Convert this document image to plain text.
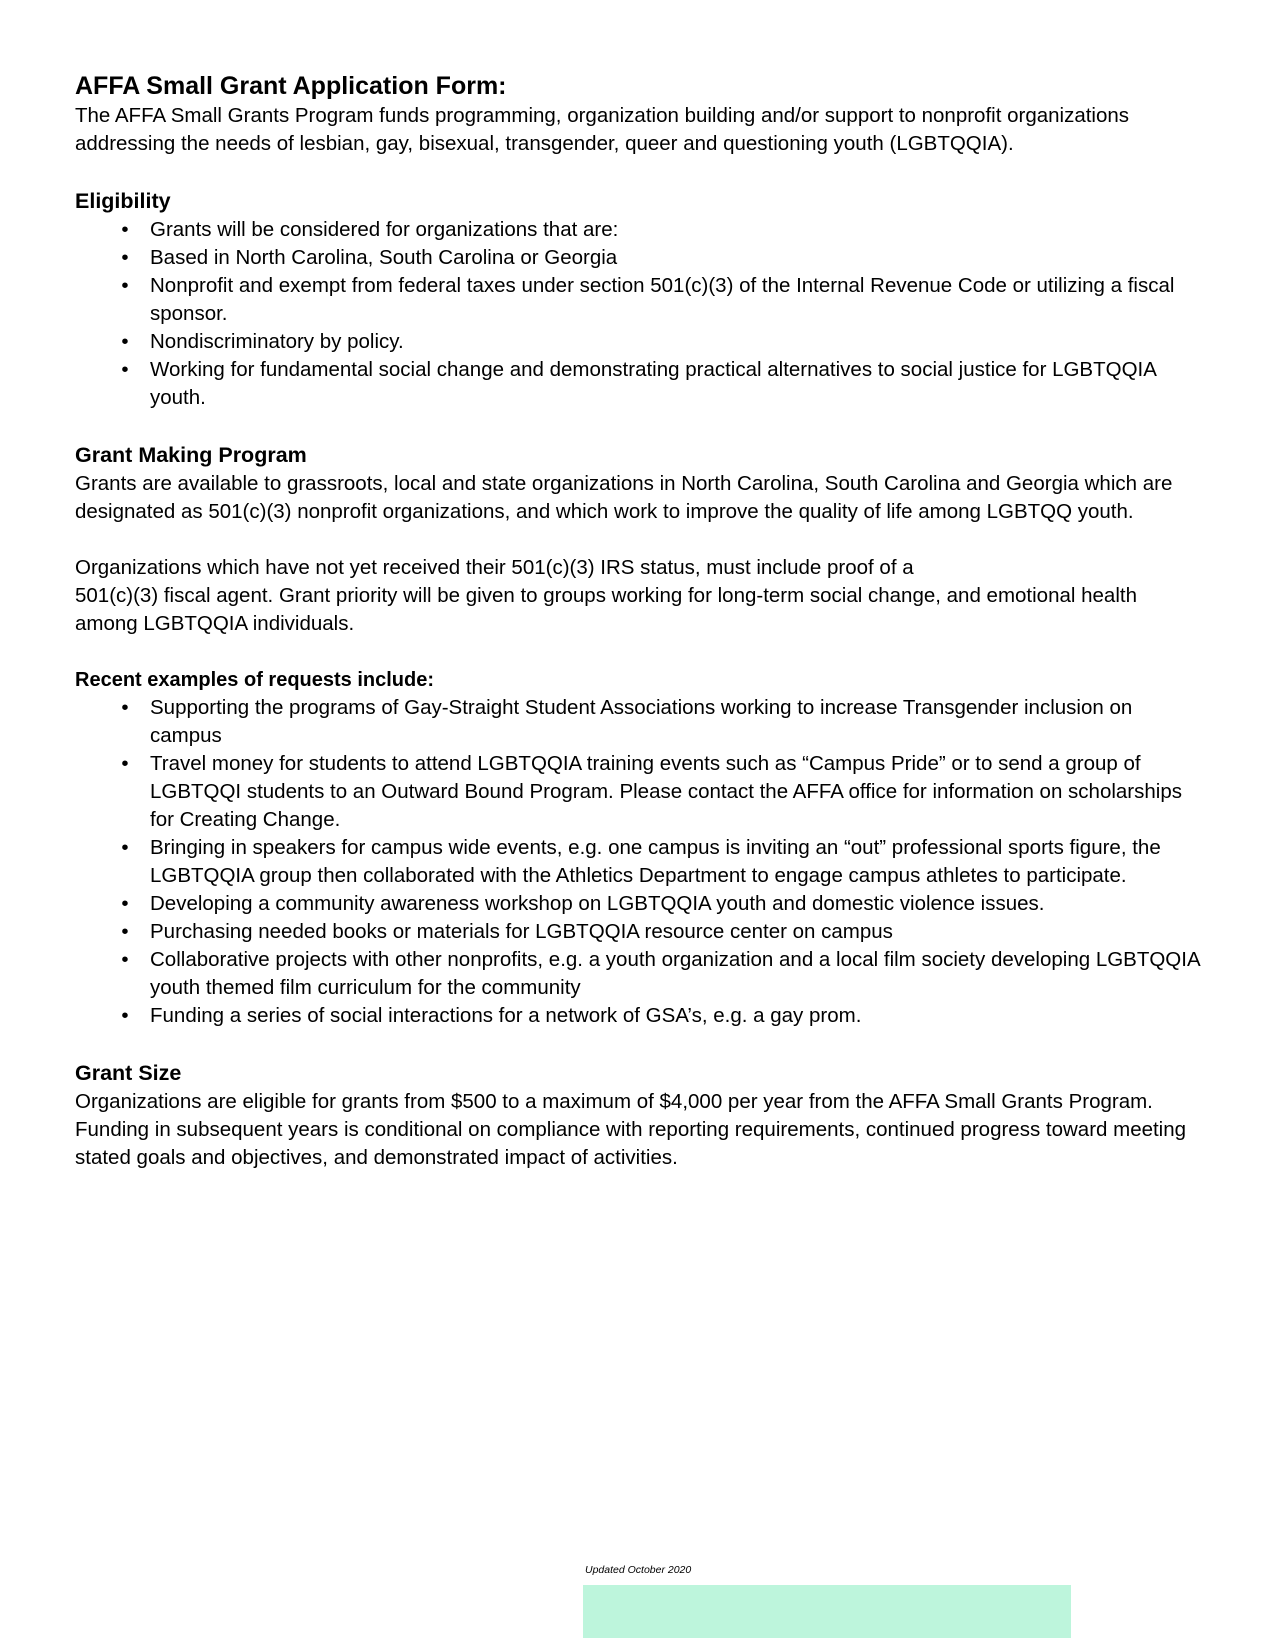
AFFA Small Grant Application Form:

The AFFA Small Grants Program funds programming, organization building and/or support to nonprofit organizations addressing the needs of lesbian, gay, bisexual, transgender, queer and questioning youth (LGBTQQIA).

Eligibility
•	Grants will be considered for organizations that are:
•	Based in North Carolina, South Carolina or Georgia
•	Nonprofit and exempt from federal taxes under section 501(c)(3) of the Internal Revenue Code or utilizing a fiscal sponsor.
•	Nondiscriminatory by policy.
•	Working for fundamental social change and demonstrating practical alternatives to social justice for LGBTQQIA youth.
Grant Making Program

Grants are available to grassroots, local and state organizations in North Carolina, South Carolina and Georgia which are designated as 501(c)(3) nonprofit organizations, and which work to improve the quality of life among LGBTQQ youth.

Organizations which have not yet received their 501(c)(3) IRS status, must include proof of a

501(c)(3) fiscal agent. Grant priority will be given to groups working for long-term social change, and emotional health among LGBTQQIA individuals.

Recent examples of requests include:

•	Supporting the programs of Gay-Straight Student Associations working to increase Transgender inclusion on campus
•	Travel money for students to attend LGBTQQIA training events such as “Campus Pride” or to send a group of LGBTQQI students to an Outward Bound Program. Please contact the AFFA office for information on scholarships for Creating Change.
•	Bringing in speakers for campus wide events, e.g. one campus is inviting an “out” professional sports figure, the LGBTQQIA group then collaborated with the Athletics Department to engage campus athletes to participate.
•	Developing a community awareness workshop on LGBTQQIA youth and domestic violence issues.
•	Purchasing needed books or materials for LGBTQQIA resource center on campus
•	Collaborative projects with other nonprofits, e.g. a youth organization and a local film society developing LGBTQQIA youth themed film curriculum for the community
•	Funding a series of social interactions for a network of GSA’s, e.g. a gay prom.
Grant Size

Organizations are eligible for grants from $500 to a maximum of $4,000 per year from the AFFA Small Grants Program. Funding in subsequent years is conditional on compliance with reporting requirements, continued progress toward meeting stated goals and objectives, and demonstrated impact of activities.

Updated October 2020
